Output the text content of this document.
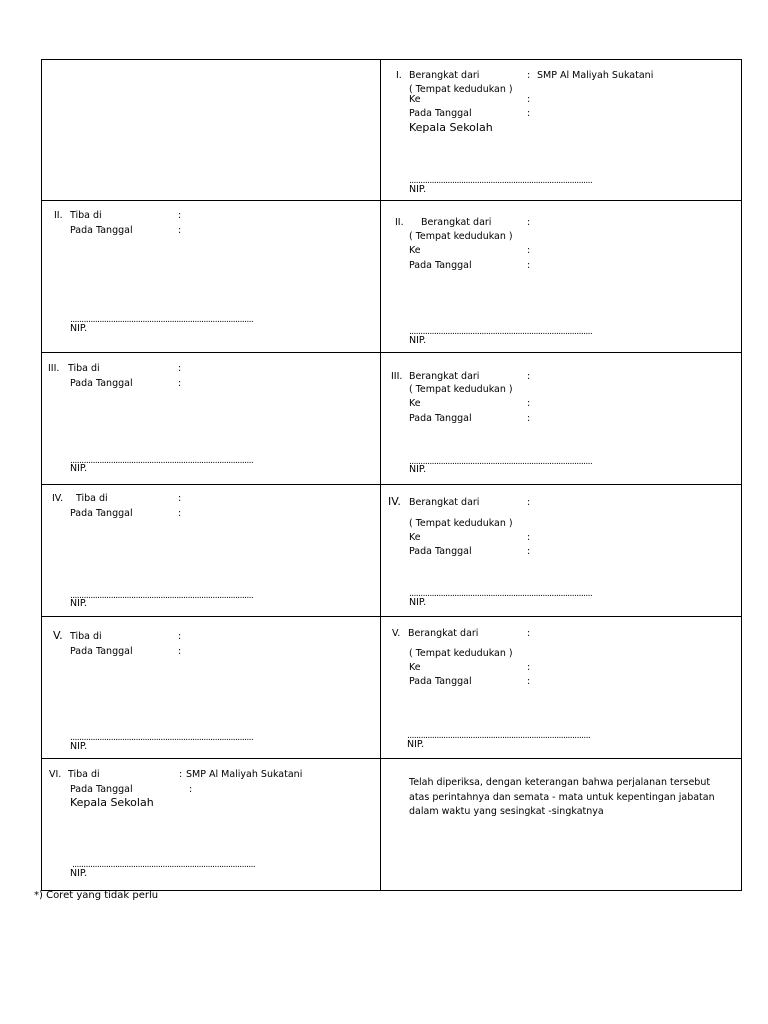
I. Berangkat dari	: SMP Al Maliyah Sukatani
( Tempat kedudukan )
Ke	:
Pada Tanggal	:
Kepala Sekolah
.................................................................................
NIP.
II. Tiba di	:
Pada Tanggal	:
.................................................................................
NIP.
II. Berangkat dari	:
( Tempat kedudukan )
Ke	:
Pada Tanggal	:
.................................................................................
NIP.
III. Tiba di	:
Pada Tanggal	:
.................................................................................
NIP.
III. Berangkat dari	:
( Tempat kedudukan )
Ke	:
Pada Tanggal	:
.................................................................................
NIP.
IV. Tiba di	:
Pada Tanggal	:
.................................................................................
NIP.
IV. Berangkat dari	:
( Tempat kedudukan )
Ke	:
Pada Tanggal	:
.................................................................................
NIP.
V. Tiba di	:
Pada Tanggal	:
.................................................................................
NIP.
V. Berangkat dari	:
( Tempat kedudukan )
Ke	:
Pada Tanggal	:
.................................................................................
NIP.
VI. Tiba di	: SMP Al Maliyah Sukatani
Pada Tanggal	:
Kepala Sekolah
.................................................................................
NIP.
Telah diperiksa, dengan keterangan bahwa perjalanan tersebut
atas perintahnya dan semata - mata untuk kepentingan jabatan
dalam waktu yang sesingkat -singkatnya
*) Coret yang tidak perlu
